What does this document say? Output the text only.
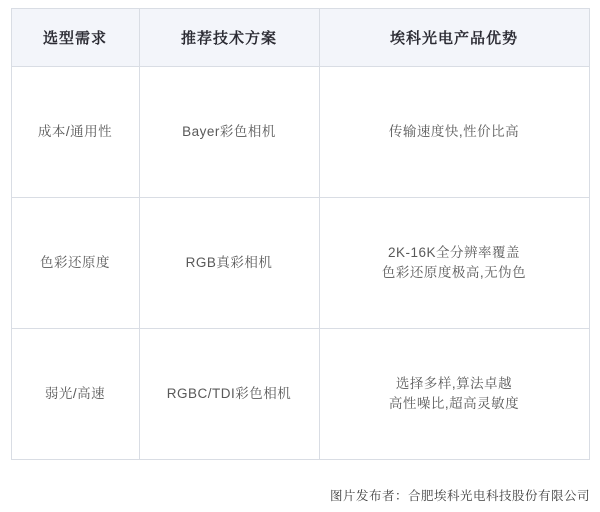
选型需求	推荐技术方案	埃科光电产品优势
成本/通用性	Bayer彩色相机	传输速度快,性价比高

色彩还原度	RGB真彩相机	2K-16K全分辨率覆盖
色彩还原度极高,无伪色

弱光/高速	RGBC/TDI彩色相机	选择多样,算法卓越
高性噪比,超高灵敏度
图片发布者：合肥埃科光电科技股份有限公司
